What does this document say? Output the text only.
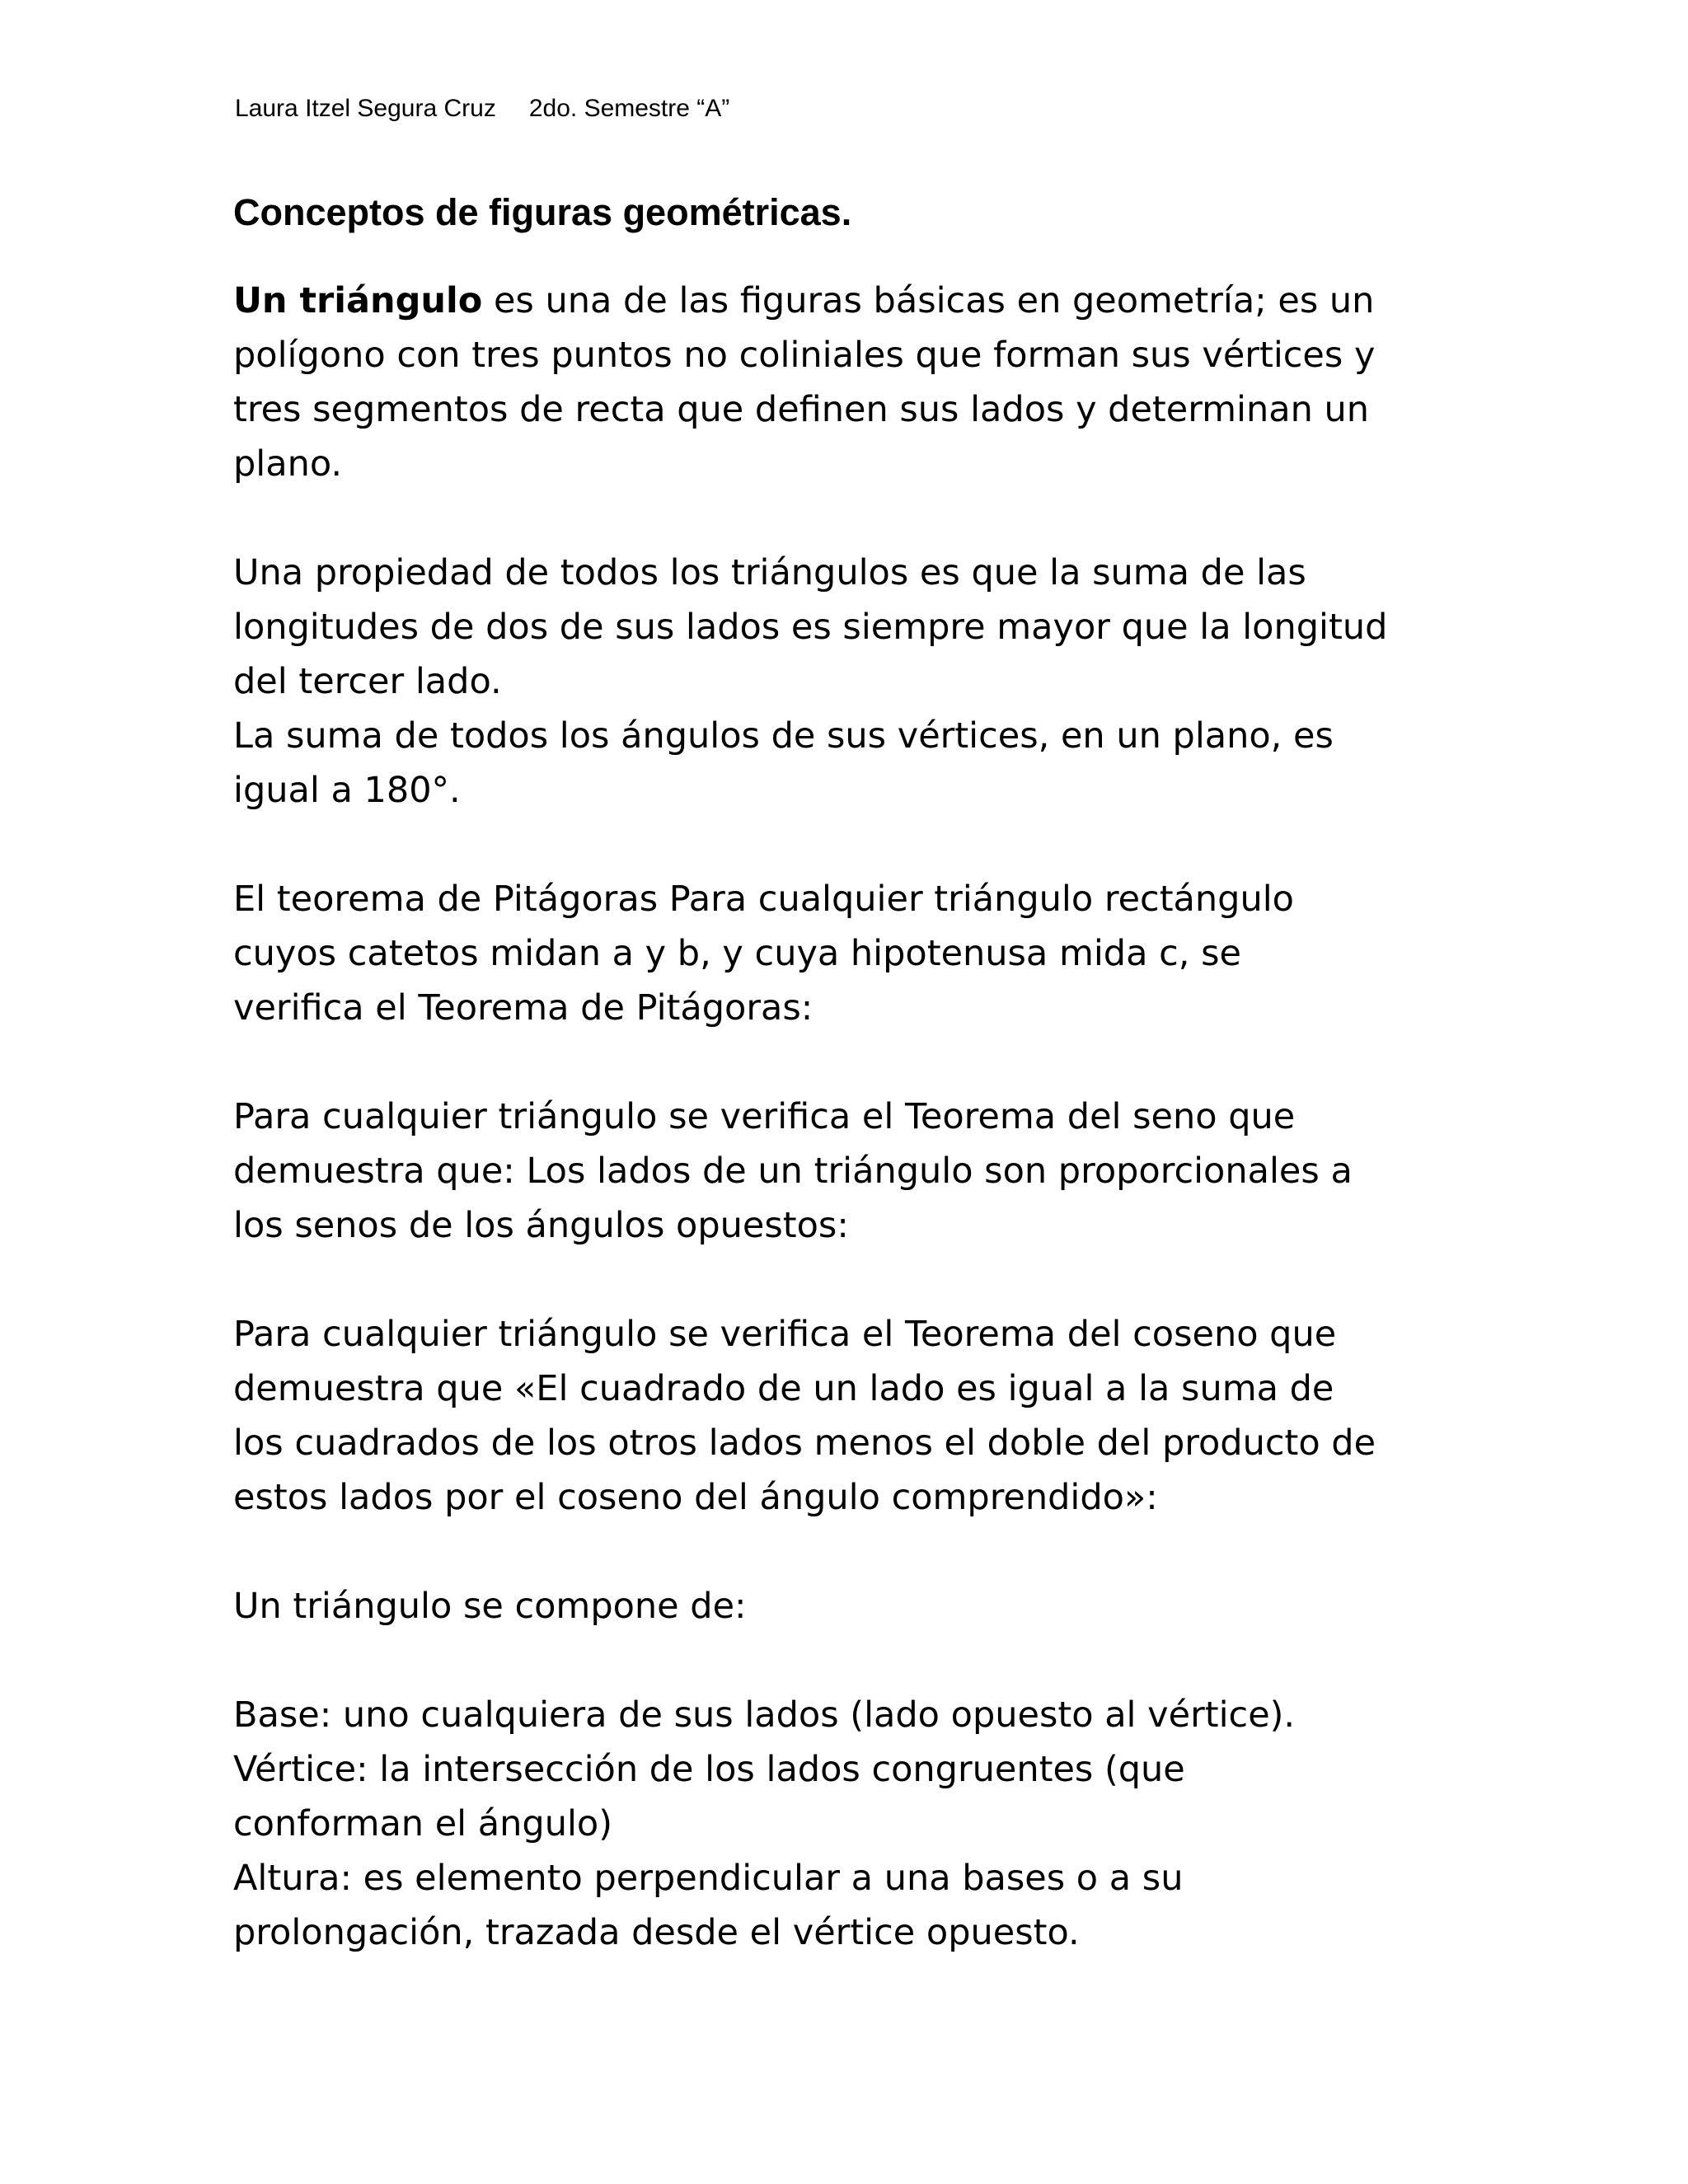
Laura Itzel Segura Cruz 2do. Semestre “A”
Conceptos de figuras geométricas.
Un triángulo es una de las figuras básicas en geometría; es un
polígono con tres puntos no coliniales que forman sus vértices y
tres segmentos de recta que definen sus lados y determinan un
plano.
Una propiedad de todos los triángulos es que la suma de las
longitudes de dos de sus lados es siempre mayor que la longitud
del tercer lado.
La suma de todos los ángulos de sus vértices, en un plano, es
igual a 180°.
El teorema de Pitágoras Para cualquier triángulo rectángulo
cuyos catetos midan a y b, y cuya hipotenusa mida c, se
verifica el Teorema de Pitágoras:
Para cualquier triángulo se verifica el Teorema del seno que
demuestra que: Los lados de un triángulo son proporcionales a
los senos de los ángulos opuestos:
Para cualquier triángulo se verifica el Teorema del coseno que
demuestra que «El cuadrado de un lado es igual a la suma de
los cuadrados de los otros lados menos el doble del producto de
estos lados por el coseno del ángulo comprendido»:
Un triángulo se compone de:
Base: uno cualquiera de sus lados (lado opuesto al vértice).
Vértice: la intersección de los lados congruentes (que
conforman el ángulo)
Altura: es elemento perpendicular a una bases o a su
prolongación, trazada desde el vértice opuesto.
